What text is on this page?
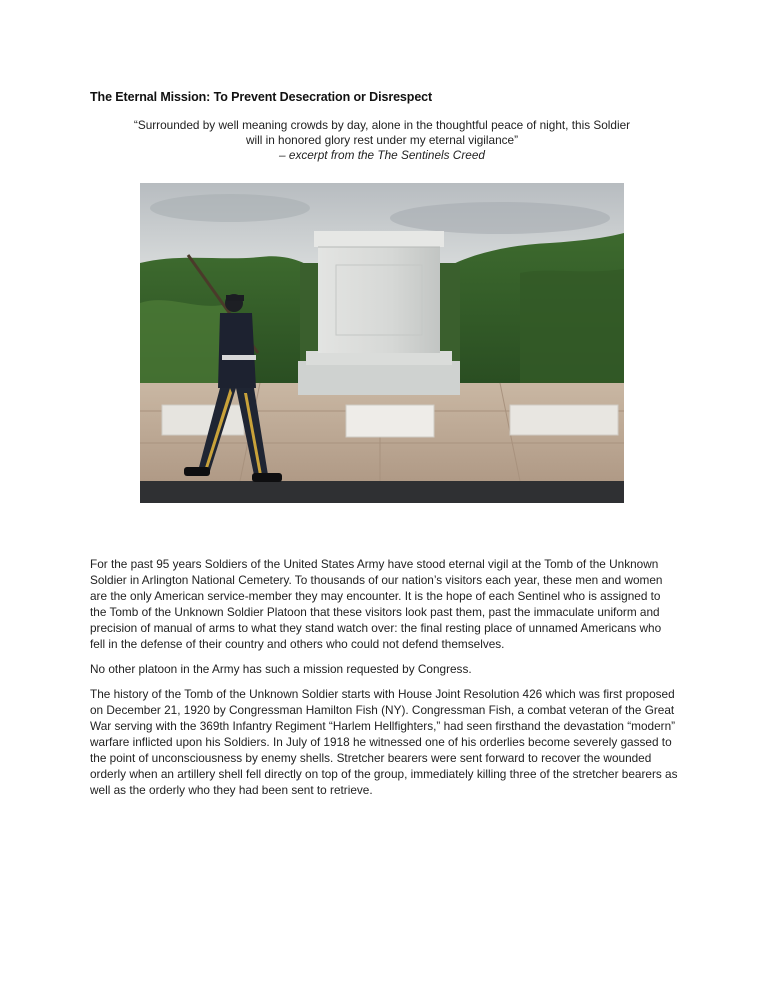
The Eternal Mission: To Prevent Desecration or Disrespect
“Surrounded by well meaning crowds by day, alone in the thoughtful peace of night, this Soldier
will in honored glory rest under my eternal vigilance”
– excerpt from the The Sentinels Creed

For the past 95 years Soldiers of the United States Army have stood eternal vigil at the Tomb of the Unknown Soldier in Arlington National Cemetery. To thousands of our nation’s visitors each year, these men and women are the only American service-member they may encounter. It is the hope of each Sentinel who is assigned to the Tomb of the Unknown Soldier Platoon that these visitors look past them, past the immaculate uniform and precision of manual of arms to what they stand watch over: the final resting place of unnamed Americans who fell in the defense of their country and others who could not defend themselves.

No other platoon in the Army has such a mission requested by Congress.

The history of the Tomb of the Unknown Soldier starts with House Joint Resolution 426 which was first proposed on December 21, 1920 by Congressman Hamilton Fish (NY). Congressman Fish, a combat veteran of the Great War serving with the 369th Infantry Regiment “Harlem Hellfighters,” had seen firsthand the devastation “modern” warfare inflicted upon his Soldiers. In July of 1918 he witnessed one of his orderlies become severely gassed to the point of unconsciousness by enemy shells. Stretcher bearers were sent forward to recover the wounded orderly when an artillery shell fell directly on top of the group, immediately killing three of the stretcher bearers as well as the orderly who they had been sent to retrieve.
